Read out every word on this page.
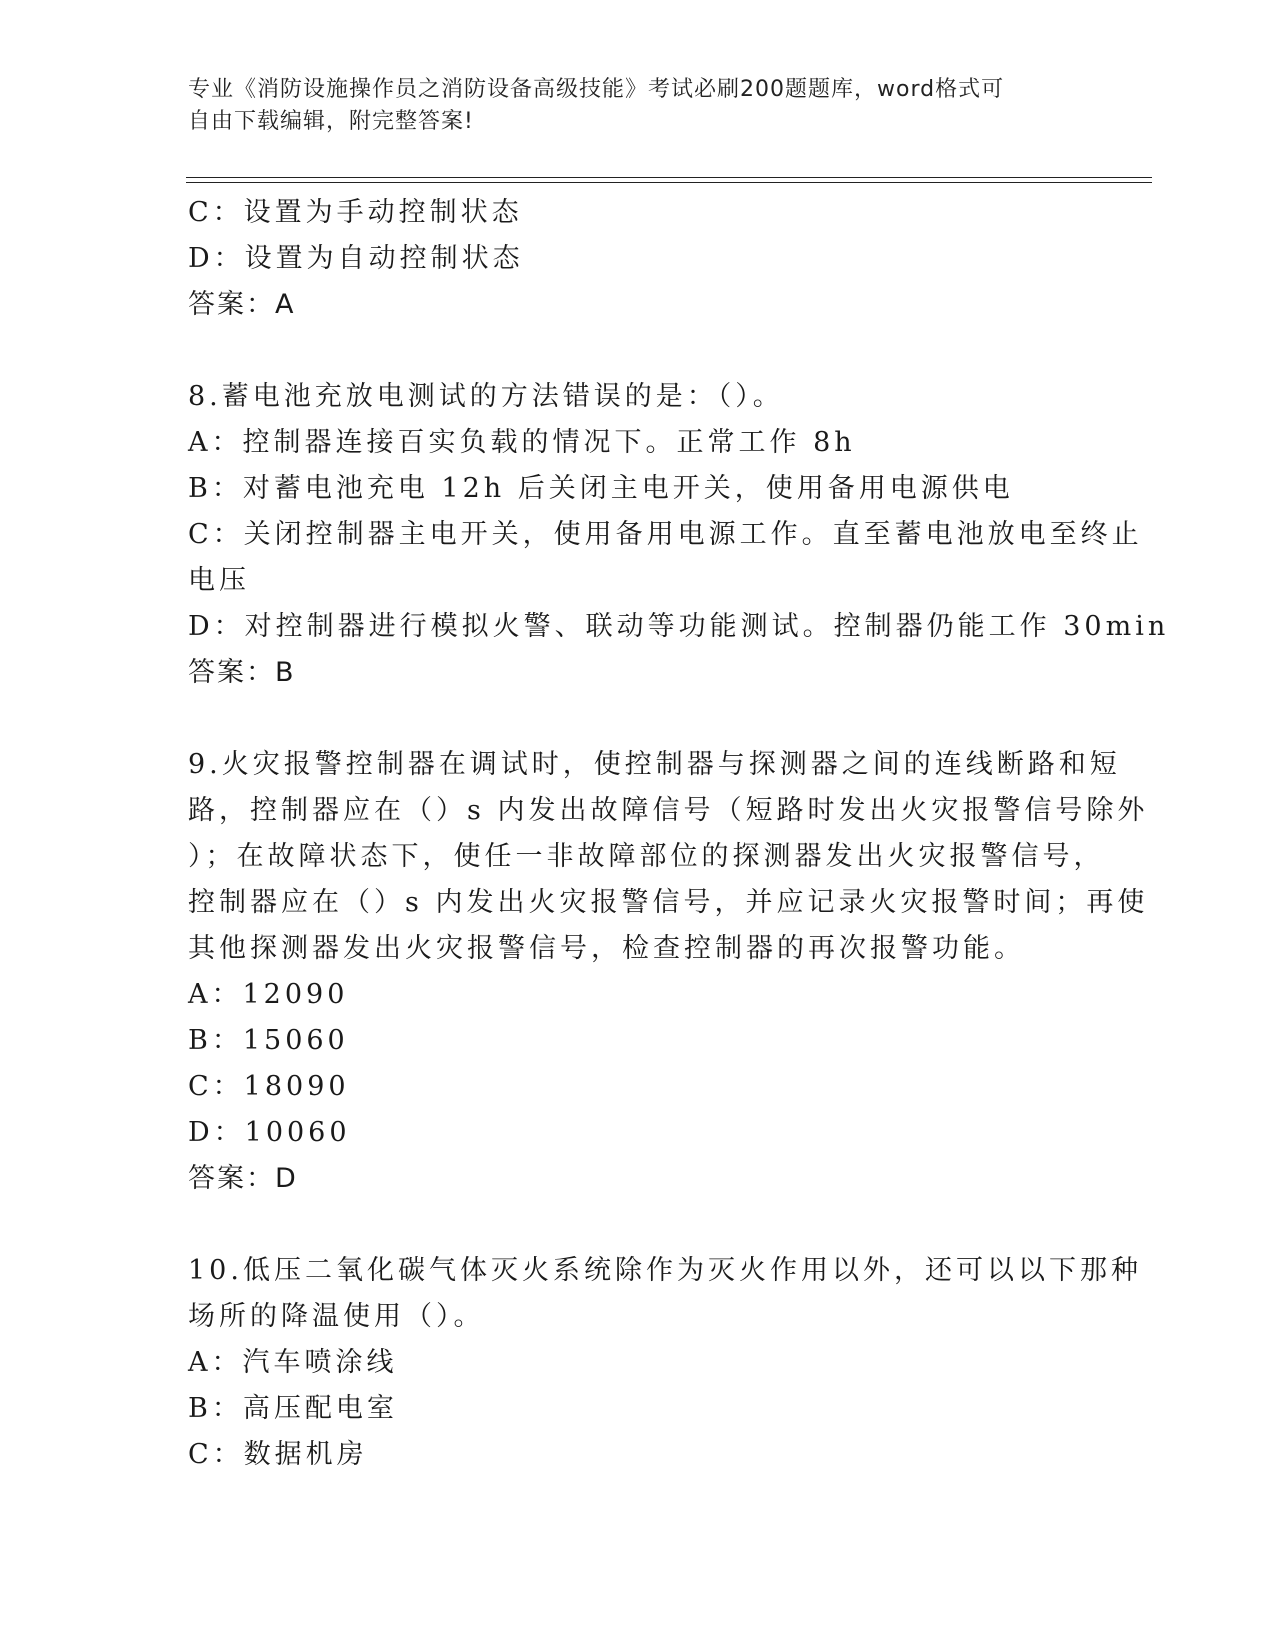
专业《消防设施操作员之消防设备高级技能》考试必刷200题题库，word格式可
自由下载编辑，附完整答案!
C：设置为手动控制状态
D：设置为自动控制状态
答案：A
8.蓄电池充放电测试的方法错误的是：（）。
A：控制器连接百实负载的情况下。正常工作 8h
B：对蓄电池充电 12h 后关闭主电开关，使用备用电源供电
C：关闭控制器主电开关，使用备用电源工作。直至蓄电池放电至终止
电压
D：对控制器进行模拟火警、联动等功能测试。控制器仍能工作 30min
答案：B
9.火灾报警控制器在调试时，使控制器与探测器之间的连线断路和短
路，控制器应在（）s 内发出故障信号（短路时发出火灾报警信号除外
）；在故障状态下，使任一非故障部位的探测器发出火灾报警信号，
控制器应在（）s 内发出火灾报警信号，并应记录火灾报警时间；再使
其他探测器发出火灾报警信号，检查控制器的再次报警功能。
A：12090
B：15060
C：18090
D：10060
答案：D
10.低压二氧化碳气体灭火系统除作为灭火作用以外，还可以以下那种
场所的降温使用（）。
A：汽车喷涂线
B：高压配电室
C：数据机房
